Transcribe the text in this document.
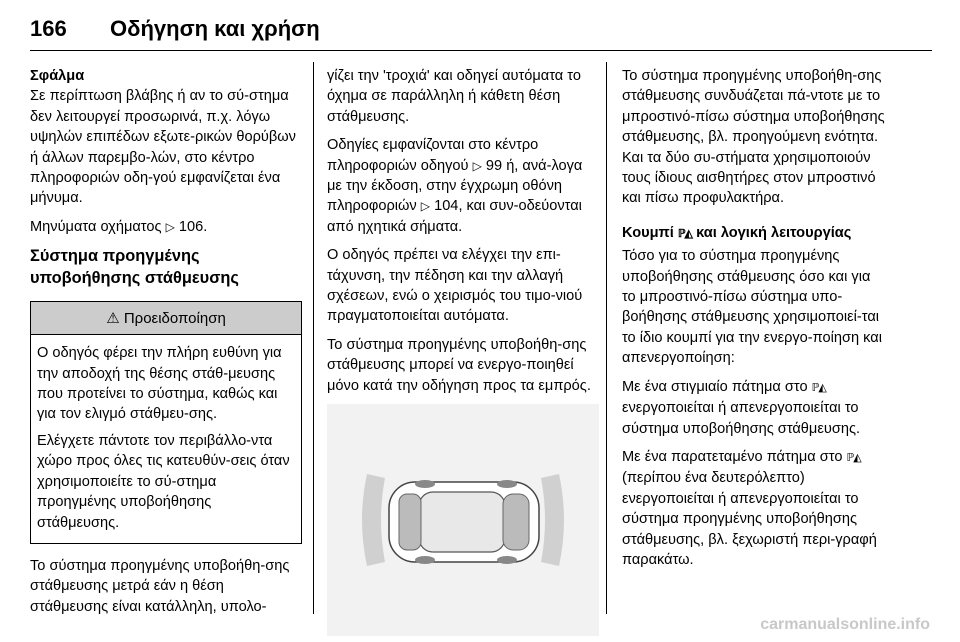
166 Οδήγηση και χρήση
Σφάλμα

Σε περίπτωση βλάβης ή αν το σύ-στημα δεν λειτουργεί προσωρινά, π.χ. λόγω υψηλών επιπέδων εξωτε-ρικών θορύβων ή άλλων παρεμβο-λών, στο κέντρο πληροφοριών οδη-γού εμφανίζεται ένα μήνυμα.

Μηνύματα οχήματος ▷ 106.

Σύστημα προηγμένης υποβοήθησης στάθμευσης
⚠ Προειδοποίηση

Ο οδηγός φέρει την πλήρη ευθύνη για την αποδοχή της θέσης στάθ-μευσης που προτείνει το σύστημα, καθώς και για τον ελιγμό στάθμευ-σης.

Ελέγχετε πάντοτε τον περιβάλλο-ντα χώρο προς όλες τις κατευθύν-σεις όταν χρησιμοποιείτε το σύ-στημα προηγμένης υποβοήθησης στάθμευσης.

Το σύστημα προηγμένης υποβοήθη-σης στάθμευσης μετρά εάν η θέση στάθμευσης είναι κατάλληλη, υπολο-

γίζει την 'τροχιά' και οδηγεί αυτόματα το όχημα σε παράλληλη ή κάθετη θέση στάθμευσης.

Οδηγίες εμφανίζονται στο κέντρο πληροφοριών οδηγού ▷ 99 ή, ανά-λογα με την έκδοση, στην έγχρωμη οθόνη πληροφοριών ▷ 104, και συν-οδεύονται από ηχητικά σήματα.

Ο οδηγός πρέπει να ελέγχει την επι-τάχυνση, την πέδηση και την αλλαγή σχέσεων, ενώ ο χειρισμός του τιμο-νιού πραγματοποιείται αυτόματα.

Το σύστημα προηγμένης υποβοήθη-σης στάθμευσης μπορεί να ενεργο-ποιηθεί μόνο κατά την οδήγηση προς τα εμπρός.

Το σύστημα προηγμένης υποβοήθη-σης στάθμευσης συνδυάζεται πά-ντοτε με το μπροστινό-πίσω σύστημα υποβοήθησης στάθμευσης, βλ. προηγούμενη ενότητα. Και τα δύο συ-στήματα χρησιμοποιούν τους ίδιους αισθητήρες στον μπροστινό και πίσω προφυλακτήρα.

Κουμπί ℙ◭ και λογική λειτουργίας

Τόσο για το σύστημα προηγμένης υποβοήθησης στάθμευσης όσο και για το μπροστινό-πίσω σύστημα υπο-βοήθησης στάθμευσης χρησιμοποιεί-ται το ίδιο κουμπί για την ενεργο-ποίηση και απενεργοποίηση:

Με ένα στιγμιαίο πάτημα στο ℙ◭ ενεργοποιείται ή απενεργοποιείται το σύστημα υποβοήθησης στάθμευσης.

Με ένα παρατεταμένο πάτημα στο ℙ◭ (περίπου ένα δευτερόλεπτο) ενεργοποιείται ή απενεργοποιείται το σύστημα προηγμένης υποβοήθησης στάθμευσης, βλ. ξεχωριστή περι-γραφή παρακάτω.

carmanualsonline.info
